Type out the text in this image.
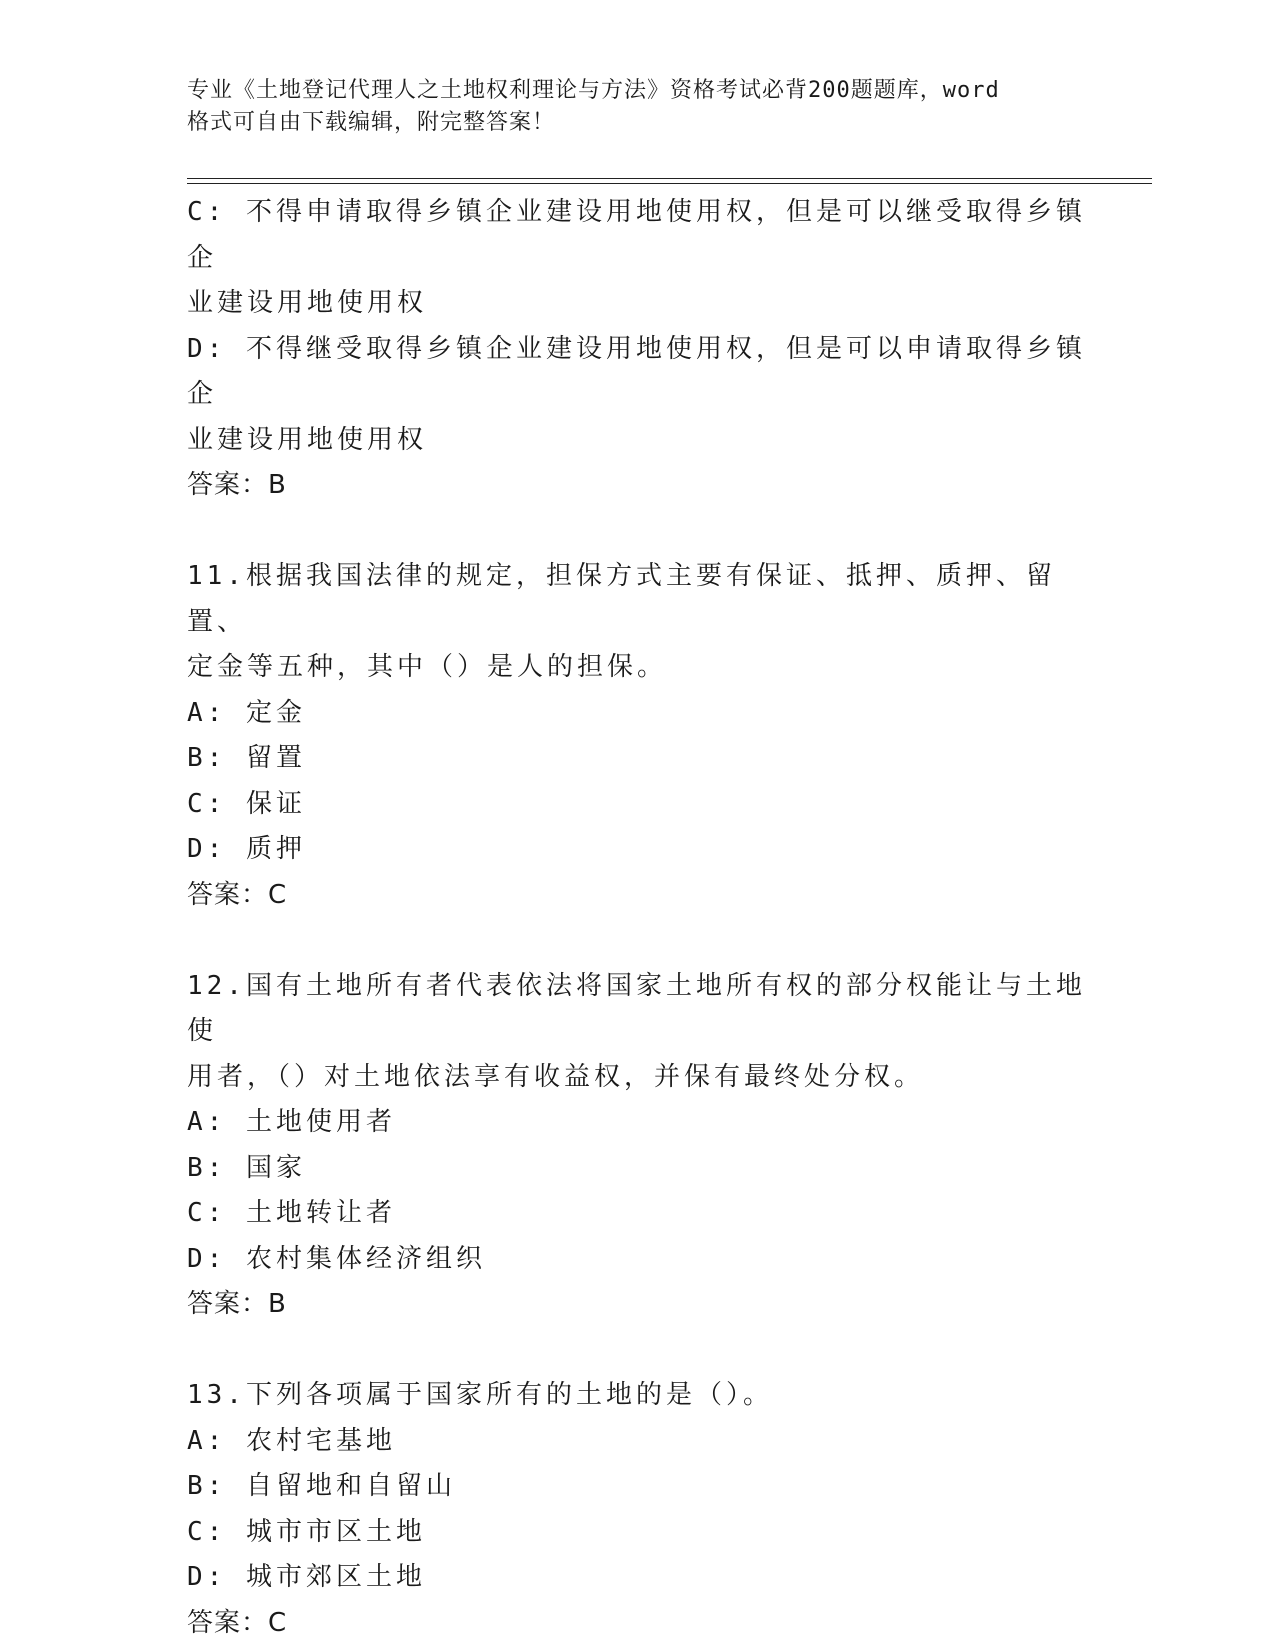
专业《土地登记代理人之土地权利理论与方法》资格考试必背200题题库，word
格式可自由下载编辑，附完整答案！
C: 不得申请取得乡镇企业建设用地使用权，但是可以继受取得乡镇企
业建设用地使用权
D: 不得继受取得乡镇企业建设用地使用权，但是可以申请取得乡镇企
业建设用地使用权
答案：B
11.根据我国法律的规定，担保方式主要有保证、抵押、质押、留置、
定金等五种，其中（）是人的担保。
A: 定金
B: 留置
C: 保证
D: 质押
答案：C
12.国有土地所有者代表依法将国家土地所有权的部分权能让与土地使
用者，（）对土地依法享有收益权，并保有最终处分权。
A: 土地使用者
B: 国家
C: 土地转让者
D: 农村集体经济组织
答案：B
13.下列各项属于国家所有的土地的是（）。
A: 农村宅基地
B: 自留地和自留山
C: 城市市区土地
D: 城市郊区土地
答案：C
